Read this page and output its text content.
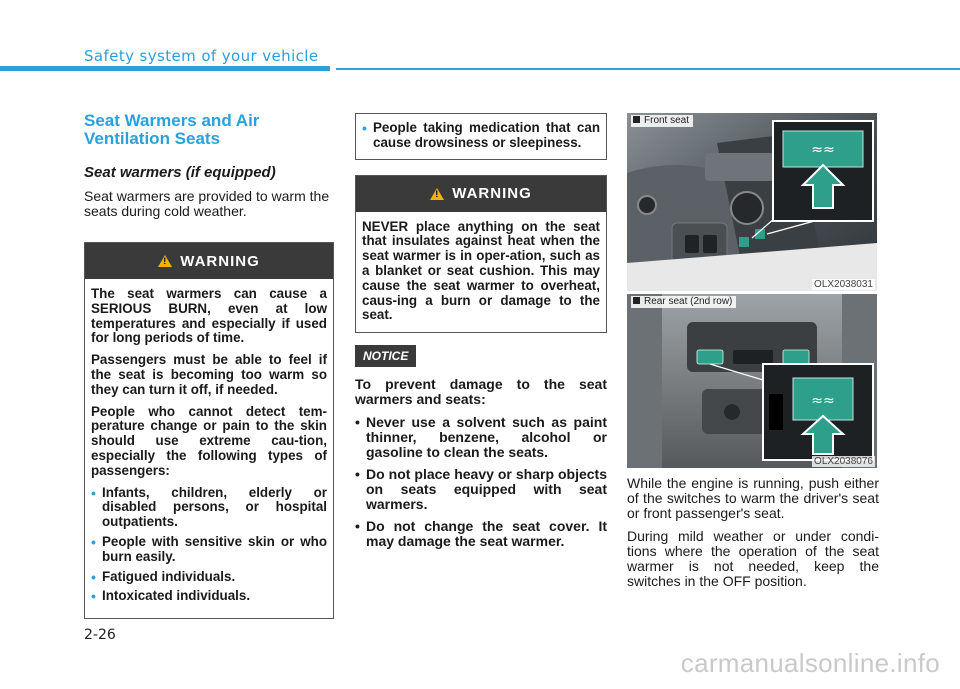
Safety system of your vehicle
Seat Warmers and Air Ventilation Seats
Seat warmers (if equipped)
Seat warmers are provided to warm the seats during cold weather.
!
WARNING

The seat warmers can cause a SERIOUS BURN, even at low temperatures and especially if used for long periods of time.

Passengers must be able to feel if the seat is becoming too warm so they can turn it off, if needed.

People who cannot detect tem-perature change or pain to the skin should use extreme cau-tion, especially the following types of passengers:

• Infants, children, elderly or disabled persons, or hospital outpatients.
• People with sensitive skin or who burn easily.
• Fatigued individuals.
• Intoxicated individuals.
• People taking medication that can cause drowsiness or sleepiness.
!
WARNING

NEVER place anything on the seat that insulates against heat when the seat warmer is in oper-ation, such as a blanket or seat cushion. This may cause the seat warmer to overheat, caus-ing a burn or damage to the seat.

NOTICE
To prevent damage to the seat warmers and seats:
• Never use a solvent such as paint thinner, benzene, alcohol or gasoline to clean the seats.
• Do not place heavy or sharp objects on seats equipped with seat warmers.
• Do not change the seat cover. It may damage the seat warmer.
Front seat
≈≈
OLX2038031
Rear seat (2nd row)
≈≈
OLX2038076
While the engine is running, push either of the switches to warm the driver's seat or front passenger's seat.
During mild weather or under condi-tions where the operation of the seat warmer is not needed, keep the switches in the OFF position.
2-26
carmanualsonline.info
